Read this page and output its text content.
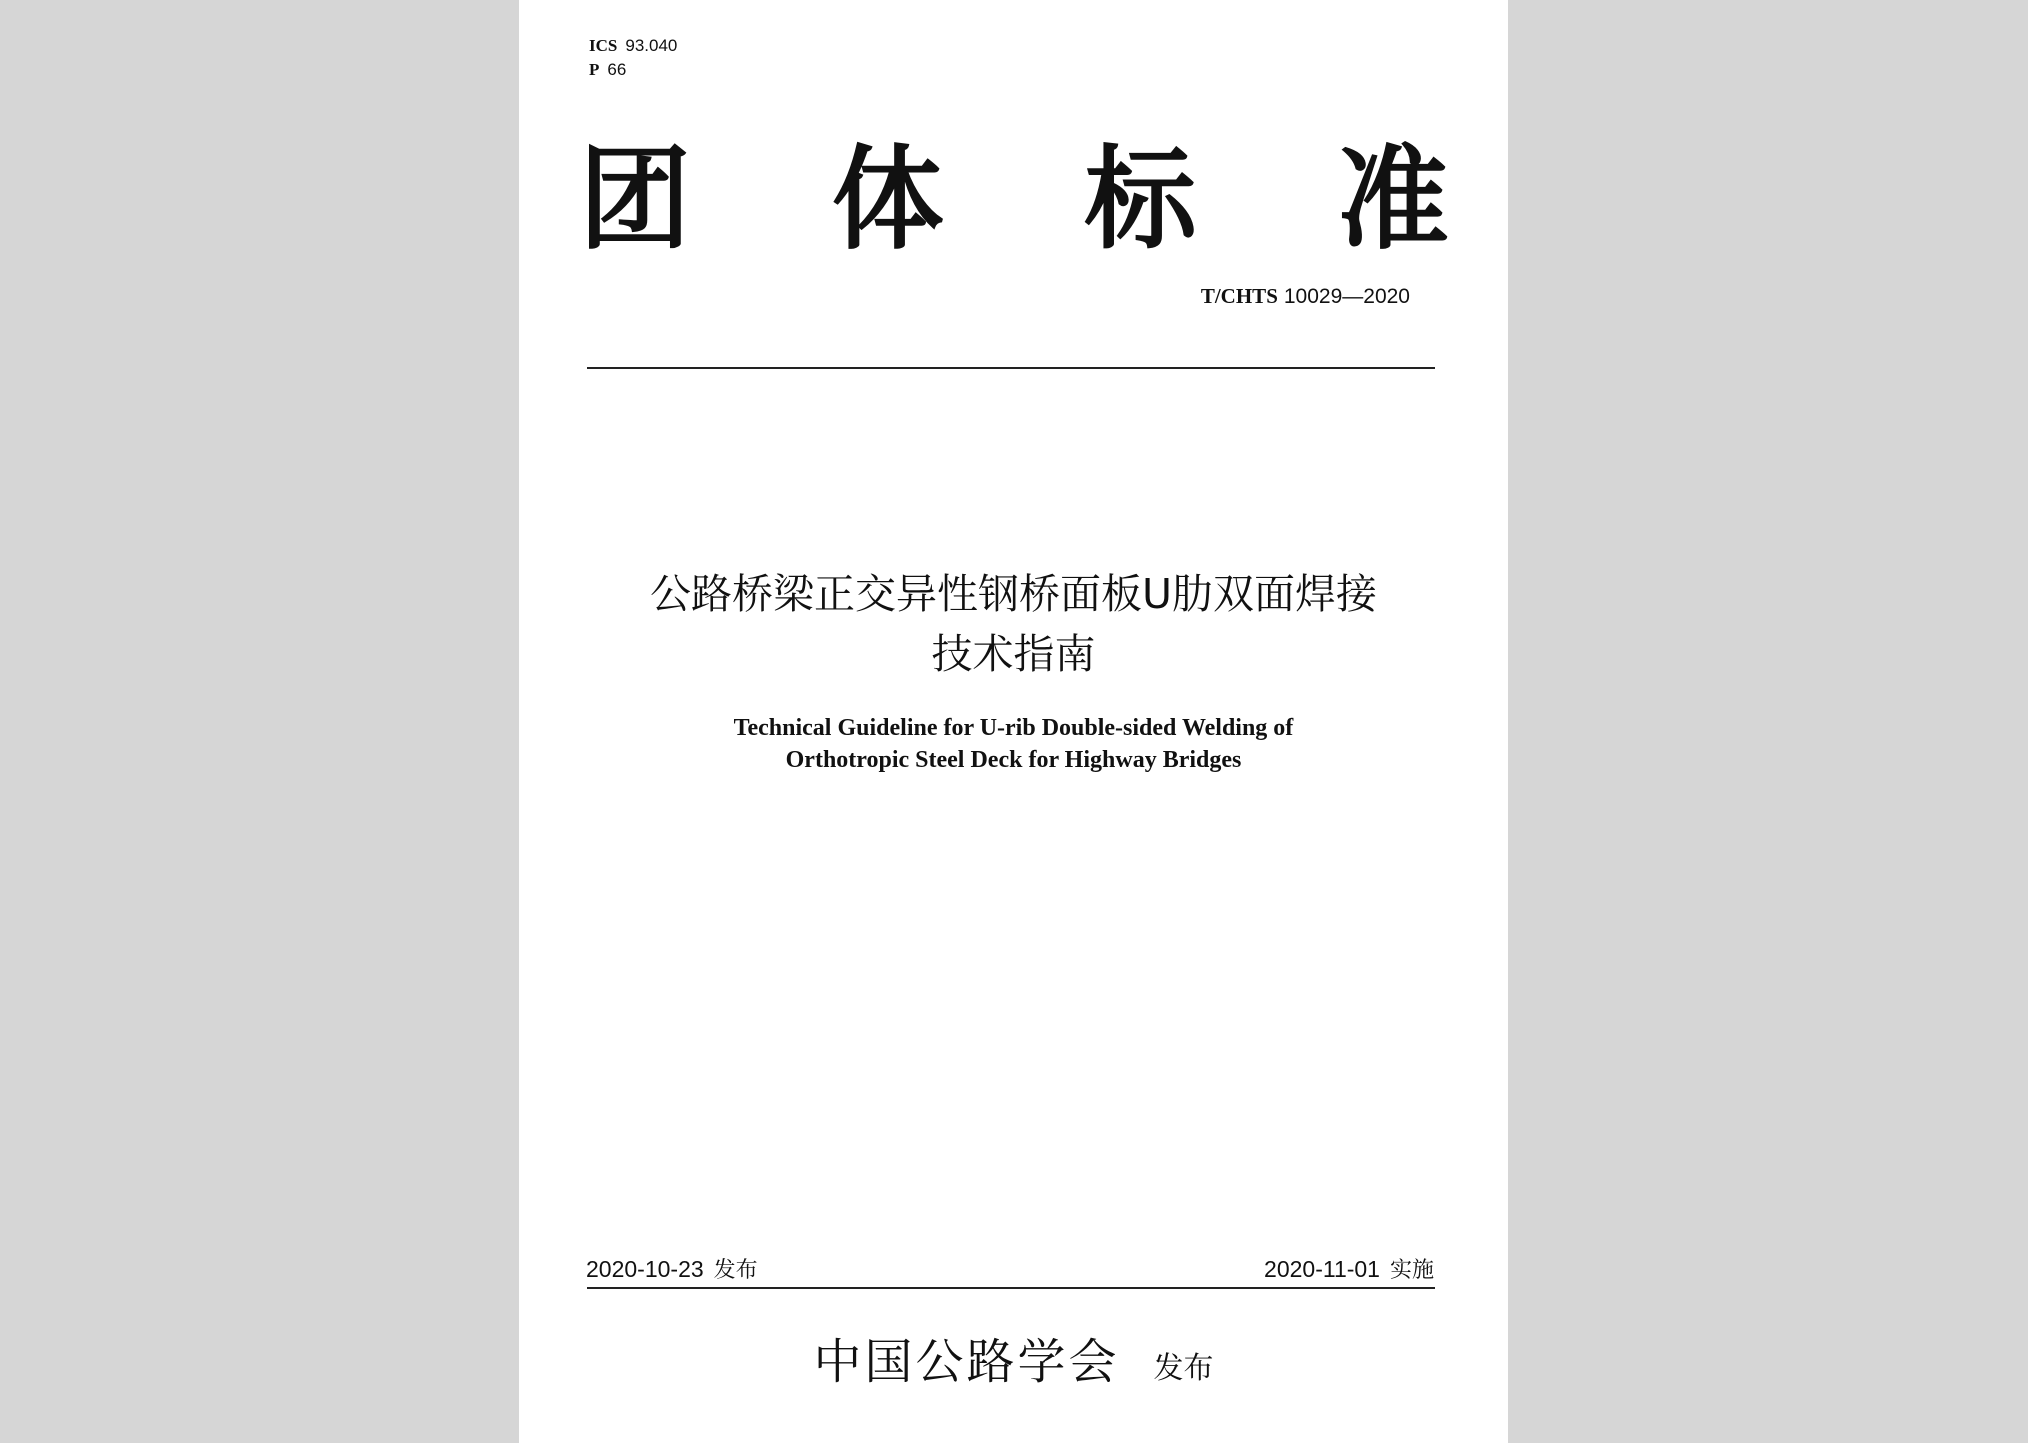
ICS 93.040
P 66
团 体 标 准
T/CHTS 10029—2020
公路桥梁正交异性钢桥面板U肋双面焊接
技术指南
Technical Guideline for U-rib Double-sided Welding of
Orthotropic Steel Deck for Highway Bridges
2020-10-23 发布	2020-11-01 实施
中国公路学会 发布
